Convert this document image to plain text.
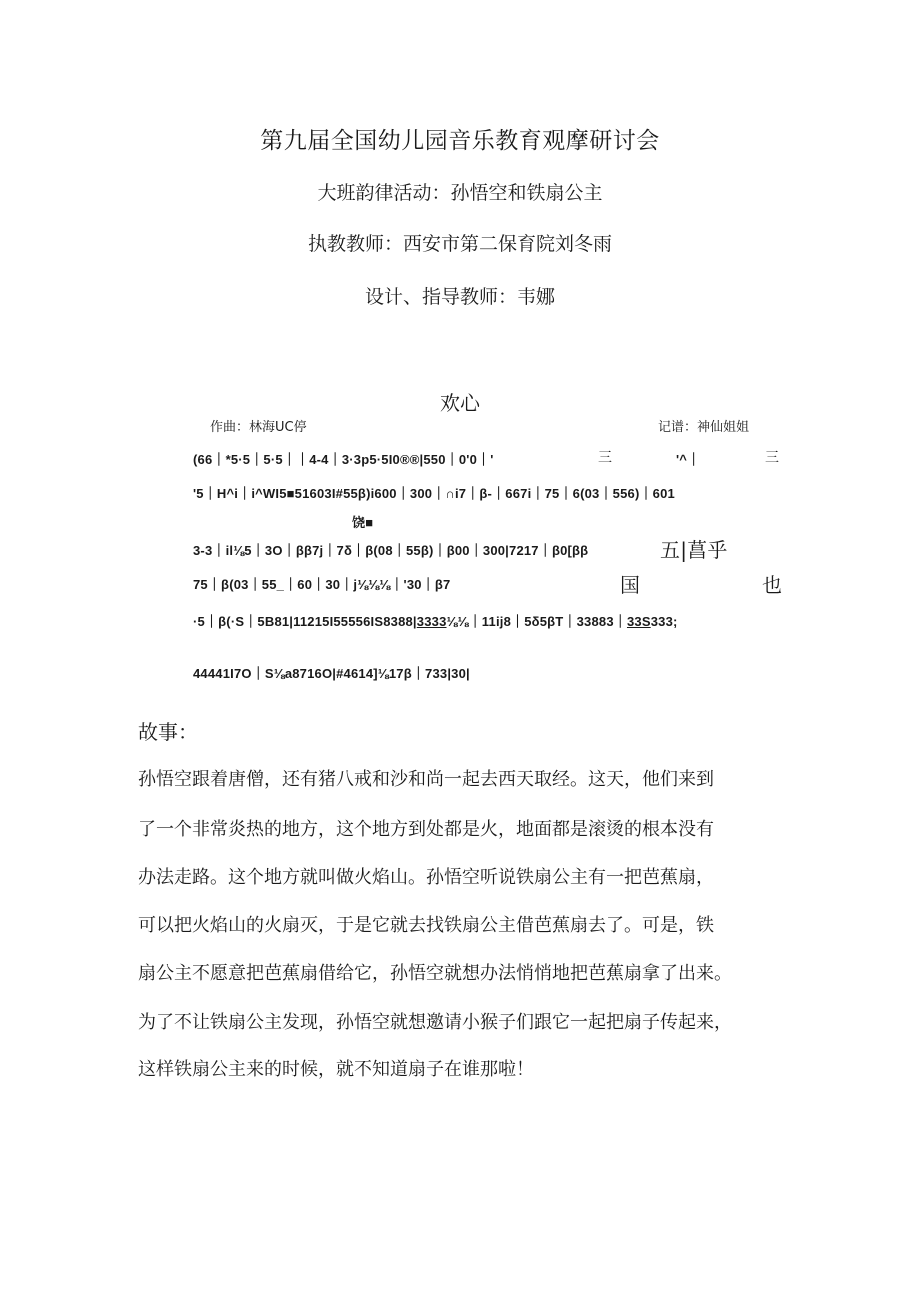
第九届全国幼儿园音乐教育观摩研讨会
大班韵律活动：孙悟空和铁扇公主
执教教师：西安市第二保育院刘冬雨
设计、指导教师：韦娜
欢心
作曲：林海UC停	记谱：神仙姐姐
(66｜*5·5｜5·5｜｜4-4｜3·3p5·5I0®®|550｜0'0｜'	三	'^｜	三
'5｜H^i｜i^WI5■51603I#55β)i600｜300｜∩i7｜β-｜667i｜75｜6(03｜556)｜601
饶■
3-3｜il⅛5｜3O｜ββ7j｜7δ｜β(08｜55β)｜β00｜300|7217｜β0[ββ	五|菖乎
75｜β(03｜55_｜60｜30｜j⅛⅛⅛｜'30｜β7	国	也
·5｜β(·S｜5B81|11215I55556IS8388|3333⅛⅛｜11ij8｜5δ5βT｜33883｜33S333;
44441I7O｜S⅛a8716O|#4614]⅛17β｜733|30|
故事：
孙悟空跟着唐僧，还有猪八戒和沙和尚一起去西天取经。这天，他们来到
了一个非常炎热的地方，这个地方到处都是火，地面都是滚烫的根本没有
办法走路。这个地方就叫做火焰山。孙悟空听说铁扇公主有一把芭蕉扇，
可以把火焰山的火扇灭，于是它就去找铁扇公主借芭蕉扇去了。可是，铁
扇公主不愿意把芭蕉扇借给它，孙悟空就想办法悄悄地把芭蕉扇拿了出来。
为了不让铁扇公主发现，孙悟空就想邀请小猴子们跟它一起把扇子传起来，
这样铁扇公主来的时候，就不知道扇子在谁那啦！
